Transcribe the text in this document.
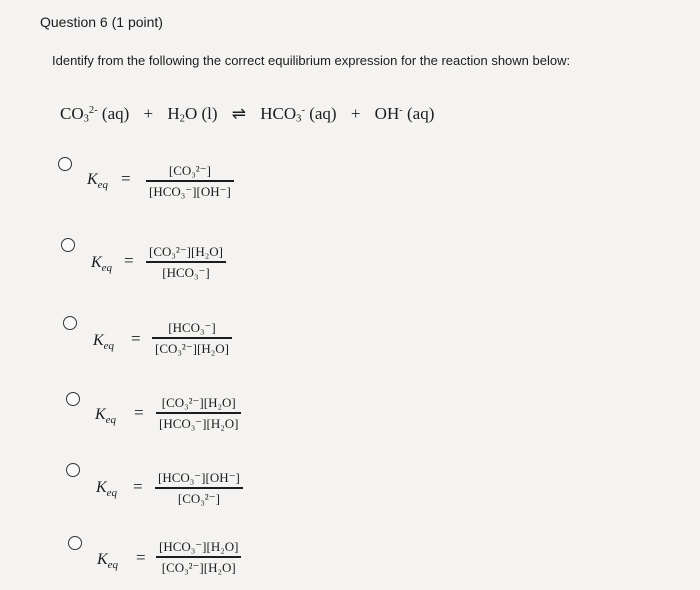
Question 6 (1 point)
Identify from the following the correct equilibrium expression for the reaction shown below:
$CO_3^{2-}$ $(aq) + H_2O$ (l) ⇌ $HCO_3^-$ (aq) + OH- (aq)
$K_{eq}$ =	[CO₃²⁻]
[HCO₃⁻][OH⁻]
$K_{eq} = [CO_3^{2-}][H_2O]$
[HCO₃⁻]
$K_{eq}$ =
[HCO₃⁻]
[CO₃²⁻][H₂O]
$K_{eq}$ =
[CO₃²⁻][H₂O]
[HCO₃⁻][H₂O]
$K_{eq} = [HCO_3^-][OH^-]$
[CO₃²⁻]
$K_{eq}$ =
[HCO₃⁻][H₂O]
[CO₃²⁻][H₂O]
